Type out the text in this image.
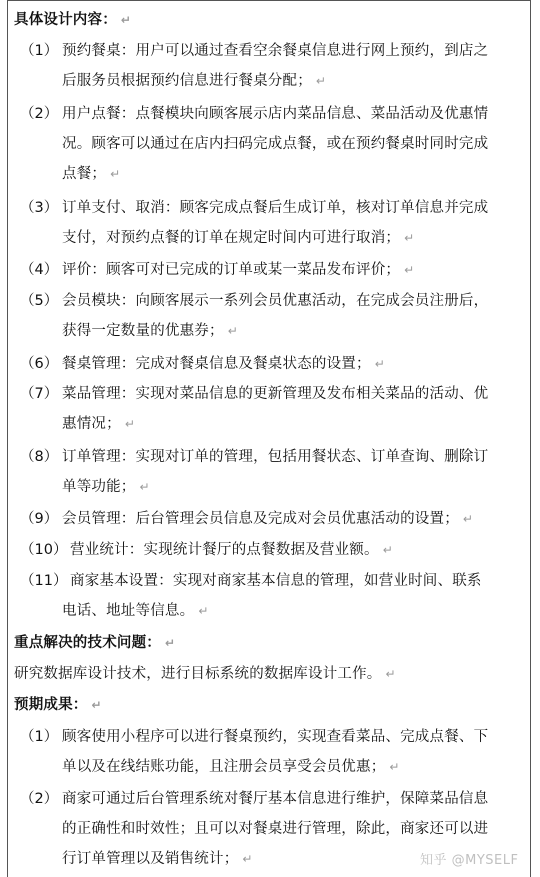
具体设计内容： ↵
（1） 预约餐桌：用户可以通过查看空余餐桌信息进行网上预约，到店之
后服务员根据预约信息进行餐桌分配； ↵
（2） 用户点餐：点餐模块向顾客展示店内菜品信息、菜品活动及优惠情
况。顾客可以通过在店内扫码完成点餐，或在预约餐桌时同时完成
点餐； ↵
（3） 订单支付、取消：顾客完成点餐后生成订单，核对订单信息并完成
支付，对预约点餐的订单在规定时间内可进行取消； ↵
（4） 评价：顾客可对已完成的订单或某一菜品发布评价； ↵
（5） 会员模块：向顾客展示一系列会员优惠活动，在完成会员注册后，
获得一定数量的优惠券； ↵
（6） 餐桌管理：完成对餐桌信息及餐桌状态的设置； ↵
（7） 菜品管理：实现对菜品信息的更新管理及发布相关菜品的活动、优
惠情况； ↵
（8） 订单管理：实现对订单的管理，包括用餐状态、订单查询、删除订
单等功能； ↵
（9） 会员管理：后台管理会员信息及完成对会员优惠活动的设置； ↵
（10） 营业统计：实现统计餐厅的点餐数据及营业额。 ↵
（11） 商家基本设置：实现对商家基本信息的管理，如营业时间、联系
电话、地址等信息。 ↵
重点解决的技术问题： ↵
研究数据库设计技术，进行目标系统的数据库设计工作。 ↵
预期成果： ↵
（1） 顾客使用小程序可以进行餐桌预约，实现查看菜品、完成点餐、下
单以及在线结账功能，且注册会员享受会员优惠； ↵
（2） 商家可通过后台管理系统对餐厅基本信息进行维护，保障菜品信息
的正确性和时效性；且可以对餐桌进行管理，除此，商家还可以进
行订单管理以及销售统计； ↵	知乎 @MYSELF
